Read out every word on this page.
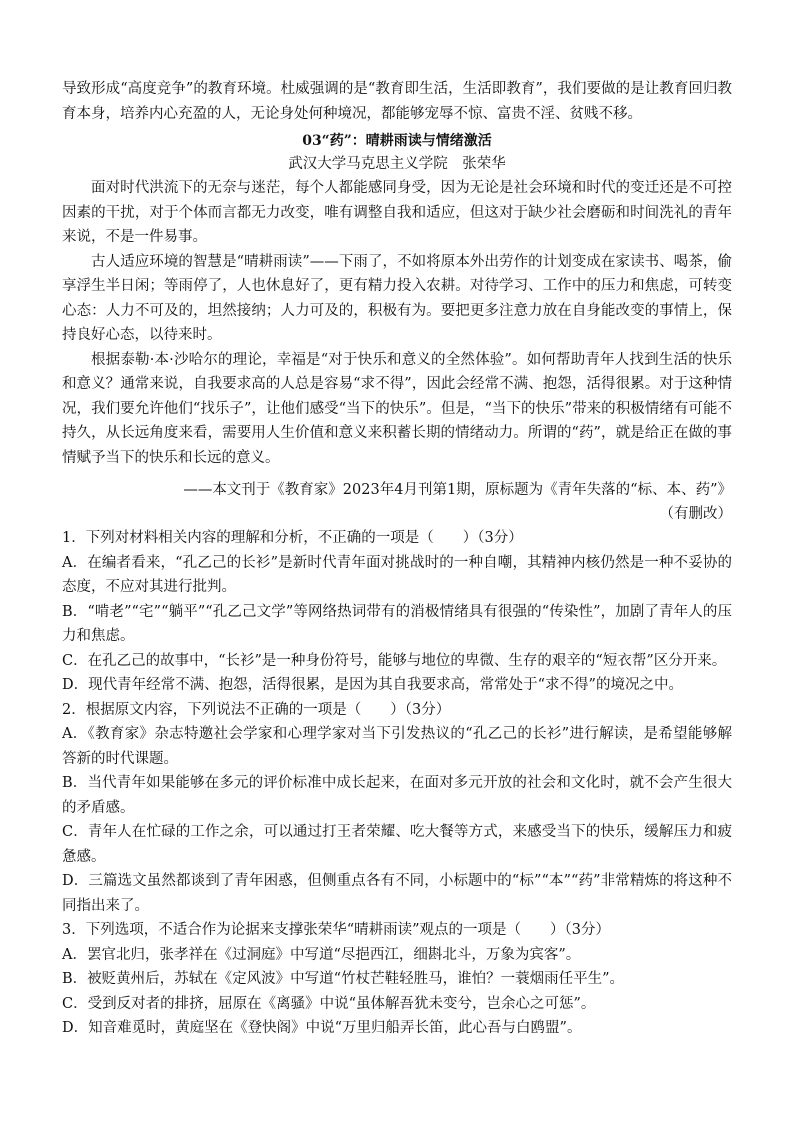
导致形成“高度竞争”的教育环境。杜威强调的是“教育即生活，生活即教育”，我们要做的是让教育回归教育本身，培养内心充盈的人，无论身处何种境况，都能够宠辱不惊、富贵不淫、贫贱不移。

03“药”：晴耕雨读与情绪激活
武汉大学马克思主义学院　张荣华

面对时代洪流下的无奈与迷茫，每个人都能感同身受，因为无论是社会环境和时代的变迁还是不可控因素的干扰，对于个体而言都无力改变，唯有调整自我和适应，但这对于缺少社会磨砺和时间洗礼的青年来说，不是一件易事。

古人适应环境的智慧是“晴耕雨读”——下雨了，不如将原本外出劳作的计划变成在家读书、喝茶，偷享浮生半日闲；等雨停了，人也休息好了，更有精力投入农耕。对待学习、工作中的压力和焦虑，可转变心态：人力不可及的，坦然接纳；人力可及的，积极有为。要把更多注意力放在自身能改变的事情上，保持良好心态，以待来时。

根据泰勒·本·沙哈尔的理论，幸福是“对于快乐和意义的全然体验”。如何帮助青年人找到生活的快乐和意义？通常来说，自我要求高的人总是容易“求不得”，因此会经常不满、抱怨，活得很累。对于这种情况，我们要允许他们“找乐子”，让他们感受“当下的快乐”。但是，“当下的快乐”带来的积极情绪有可能不持久，从长远角度来看，需要用人生价值和意义来积蓄长期的情绪动力。所谓的“药”，就是给正在做的事情赋予当下的快乐和长远的意义。

——本文刊于《教育家》2023年4月刊第1期，原标题为《青年失落的“标、本、药”》
（有删改）

1．下列对材料相关内容的理解和分析，不正确的一项是（　　）（3分）

A．在编者看来，“孔乙己的长衫”是新时代青年面对挑战时的一种自嘲，其精神内核仍然是一种不妥协的态度，不应对其进行批判。

B．“啃老”“宅”“躺平”“孔乙己文学”等网络热词带有的消极情绪具有很强的“传染性”，加剧了青年人的压力和焦虑。

C．在孔乙己的故事中，“长衫”是一种身份符号，能够与地位的卑微、生存的艰辛的“短衣帮”区分开来。

D．现代青年经常不满、抱怨，活得很累，是因为其自我要求高，常常处于“求不得”的境况之中。

2．根据原文内容，下列说法不正确的一项是（　　）（3分）

A．《教育家》杂志特邀社会学家和心理学家对当下引发热议的“孔乙己的长衫”进行解读，是希望能够解答新的时代课题。

B．当代青年如果能够在多元的评价标准中成长起来，在面对多元开放的社会和文化时，就不会产生很大的矛盾感。

C．青年人在忙碌的工作之余，可以通过打王者荣耀、吃大餐等方式，来感受当下的快乐，缓解压力和疲惫感。

D．三篇选文虽然都谈到了青年困惑，但侧重点各有不同，小标题中的“标”“本”“药”非常精炼的将这种不同指出来了。

3．下列选项，不适合作为论据来支撑张荣华“晴耕雨读”观点的一项是（　　）（3分）

A．罢官北归，张孝祥在《过洞庭》中写道“尽挹西江，细斟北斗，万象为宾客”。

B．被贬黄州后，苏轼在《定风波》中写道“竹杖芒鞋轻胜马，谁怕？一蓑烟雨任平生”。

C．受到反对者的排挤，屈原在《离骚》中说“虽体解吾犹未变兮，岂余心之可惩”。

D．知音难觅时，黄庭坚在《登快阁》中说“万里归船弄长笛，此心吾与白鸥盟”。
